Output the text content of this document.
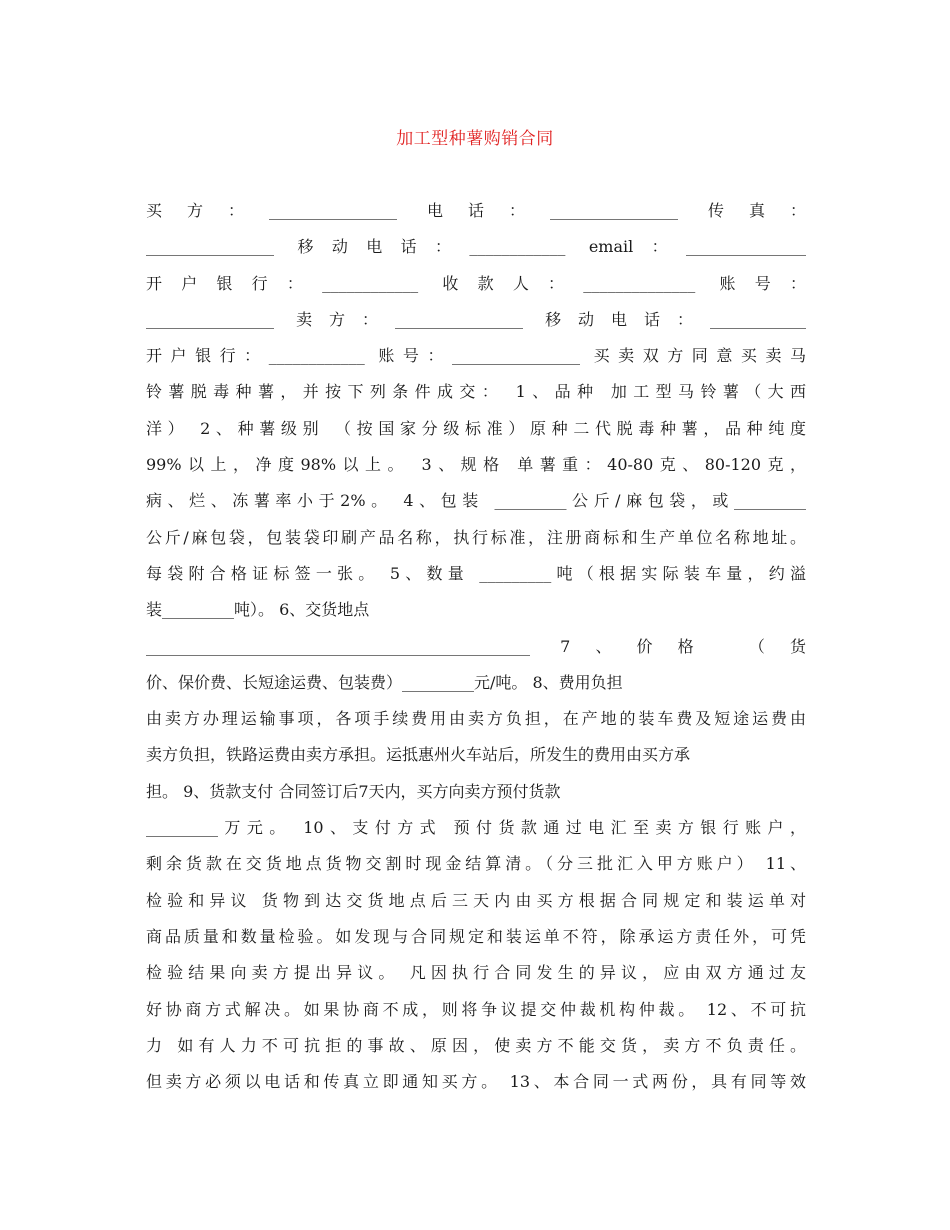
加工型种薯购销合同
买方：________________ 电话：________________ 传真：
________________ 移动电话：____________ email：_______________
开户银行：____________ 收款人：______________ 账号：
________________ 卖方：________________ 移动电话：____________
开户银行：____________ 账号：________________ 买卖双方同意买卖马
铃薯脱毒种薯，并按下列条件成交： 1、品种 加工型马铃薯（大西
洋） 2、种薯级别 （按国家分级标准）原种二代脱毒种薯，品种纯度
99%以上，净度98%以上。 3、规格 单薯重：40-80克、80-120克，
病、烂、冻薯率小于2%。 4、包装 _________公斤/麻包袋，或_________
公斤/麻包袋，包装袋印刷产品名称，执行标准，注册商标和生产单位名称地址。
每袋附合格证标签一张。 5、数量 _________吨（根据实际装车量，约溢
装_________吨）。 6、交货地点
________________________________________________ 7、价格 （货
价、保价费、长短途运费、包装费）_________元/吨。 8、费用负担
由卖方办理运输事项，各项手续费用由卖方负担，在产地的装车费及短途运费由
卖方负担，铁路运费由卖方承担。运抵惠州火车站后，所发生的费用由买方承
担。 9、货款支付 合同签订后7天内，买方向卖方预付货款
_________万元。 10、支付方式 预付货款通过电汇至卖方银行账户，
剩余货款在交货地点货物交割时现金结算清。（分三批汇入甲方账户） 11、
检验和异议 货物到达交货地点后三天内由买方根据合同规定和装运单对
商品质量和数量检验。如发现与合同规定和装运单不符，除承运方责任外，可凭
检验结果向卖方提出异议。 凡因执行合同发生的异议，应由双方通过友
好协商方式解决。如果协商不成，则将争议提交仲裁机构仲裁。 12、不可抗
力 如有人力不可抗拒的事故、原因，使卖方不能交货，卖方不负责任。
但卖方必须以电话和传真立即通知买方。 13、本合同一式两份，具有同等效
